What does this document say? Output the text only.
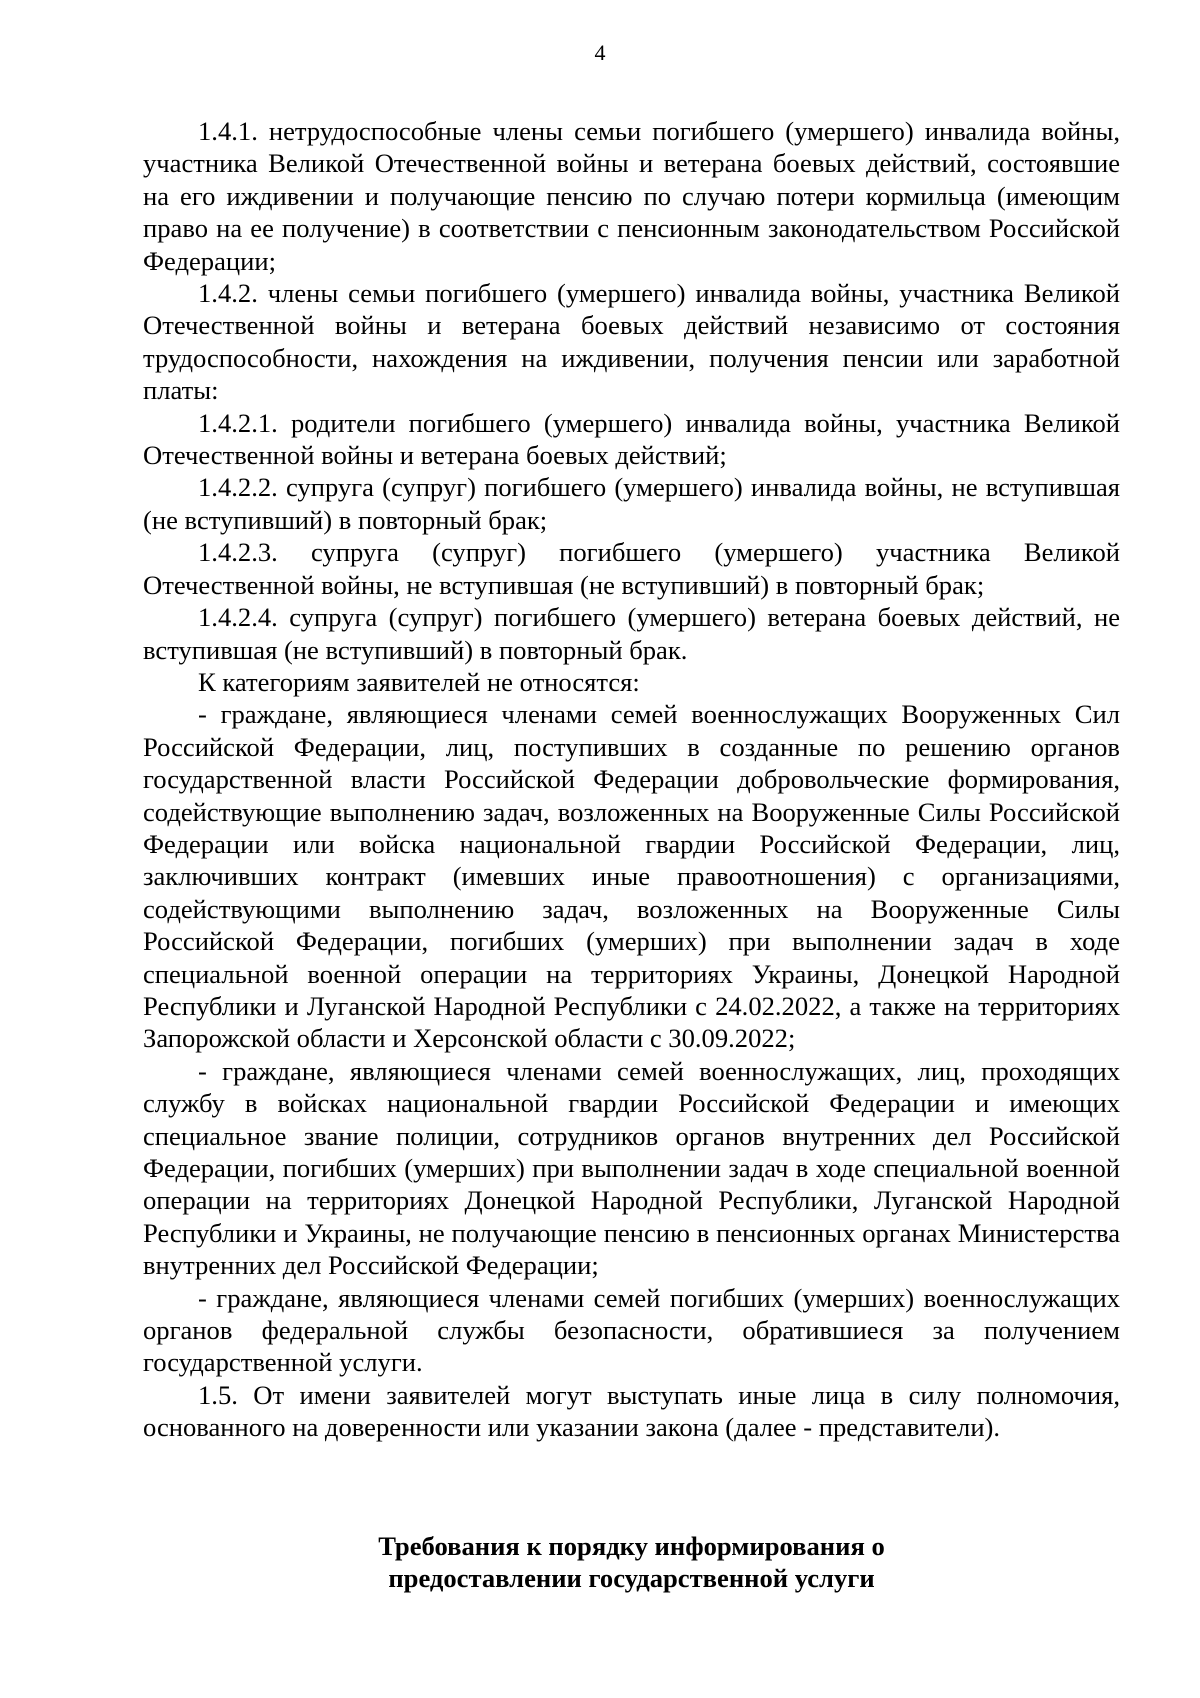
4

1.4.1. нетрудоспособные члены семьи погибшего (умершего) инвалида войны, участника Великой Отечественной войны и ветерана боевых действий, состоявшие на его иждивении и получающие пенсию по случаю потери кормильца (имеющим право на ее получение) в соответствии с пенсионным законодательством Российской Федерации;

1.4.2. члены семьи погибшего (умершего) инвалида войны, участника Великой Отечественной войны и ветерана боевых действий независимо от состояния трудоспособности, нахождения на иждивении, получения пенсии или заработной платы:

1.4.2.1. родители погибшего (умершего) инвалида войны, участника Великой Отечественной войны и ветерана боевых действий;

1.4.2.2. супруга (супруг) погибшего (умершего) инвалида войны, не вступившая (не вступивший) в повторный брак;

1.4.2.3. супруга (супруг) погибшего (умершего) участника Великой Отечественной войны, не вступившая (не вступивший) в повторный брак;

1.4.2.4. супруга (супруг) погибшего (умершего) ветерана боевых действий, не вступившая (не вступивший) в повторный брак.

К категориям заявителей не относятся:

- граждане, являющиеся членами семей военнослужащих Вооруженных Сил Российской Федерации, лиц, поступивших в созданные по решению органов государственной власти Российской Федерации добровольческие формирования, содействующие выполнению задач, возложенных на Вооруженные Силы Российской Федерации или войска национальной гвардии Российской Федерации, лиц, заключивших контракт (имевших иные правоотношения) с организациями, содействующими выполнению задач, возложенных на Вооруженные Силы Российской Федерации, погибших (умерших) при выполнении задач в ходе специальной военной операции на территориях Украины, Донецкой Народной Республики и Луганской Народной Республики с 24.02.2022, а также на территориях Запорожской области и Херсонской области с 30.09.2022;

- граждане, являющиеся членами семей военнослужащих, лиц, проходящих службу в войсках национальной гвардии Российской Федерации и имеющих специальное звание полиции, сотрудников органов внутренних дел Российской Федерации, погибших (умерших) при выполнении задач в ходе специальной военной операции на территориях Донецкой Народной Республики, Луганской Народной Республики и Украины, не получающие пенсию в пенсионных органах Министерства внутренних дел Российской Федерации;

- граждане, являющиеся членами семей погибших (умерших) военнослужащих органов федеральной службы безопасности, обратившиеся за получением государственной услуги.

1.5. От имени заявителей могут выступать иные лица в силу полномочия, основанного на доверенности или указании закона (далее - представители).

Требования к порядку информирования о
предоставлении государственной услуги
